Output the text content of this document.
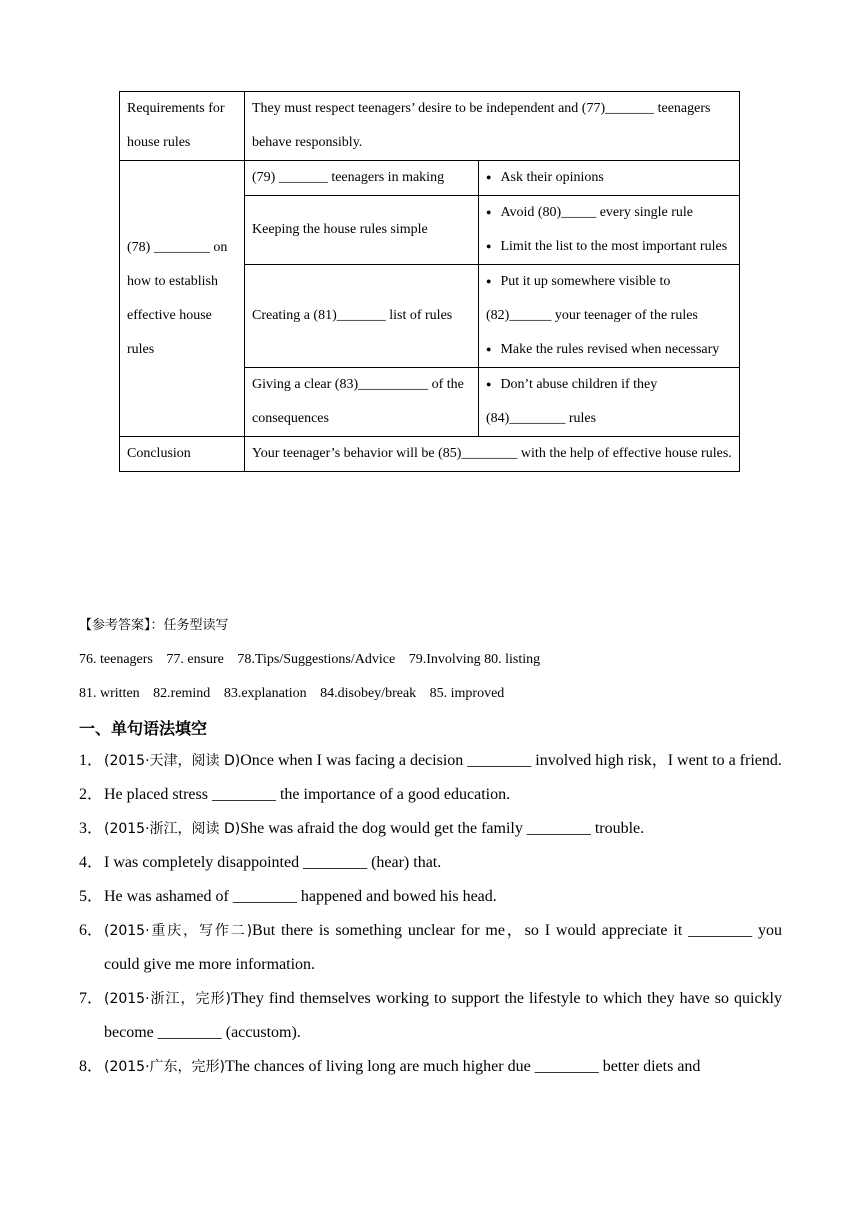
Requirements for house rules	They must respect teenagers’ desire to be independent and (77)_______ teenagers behave responsibly.	
(78) ________ on how to establish effective house rules	(79) _______ teenagers in making	● Ask their opinions

	Keeping the house rules simple	● Avoid (80)_____ every single rule
● Limit the list to the most important rules

	Creating a (81)_______ list of rules	● Put it up somewhere visible to (82)______ your teenager of the rules
● Make the rules revised when necessary

	Giving a clear (83)__________ of the consequences	● Don’t abuse children if they (84)________ rules

Conclusion	Your teenager’s behavior will be (85)________ with the help of effective house rules.	
【参考答案】：任务型读写
76. teenagers 77. ensure 78.Tips/Suggestions/Advice 79.Involving 80. listing
81. written 82.remind 83.explanation 84.disobey/break 85. improved
一、单句语法填空
1． (2015·天津，阅读 D)Once when I was facing a decision ________ involved high risk，I went to a friend.
2． He placed stress ________ the importance of a good education.
3． (2015·浙江，阅读 D)She was afraid the dog would get the family ________ trouble.
4． I was completely disappointed ________ (hear) that.
5． He was ashamed of ________ happened and bowed his head.
6． (2015·重庆，写作二)But there is something unclear for me，so I would appreciate it ________ you could give me more information.
7． (2015·浙江，完形)They find themselves working to support the lifestyle to which they have so quickly become ________ (accustom).
8． (2015·广东，完形)The chances of living long are much higher due ________ better diets and
